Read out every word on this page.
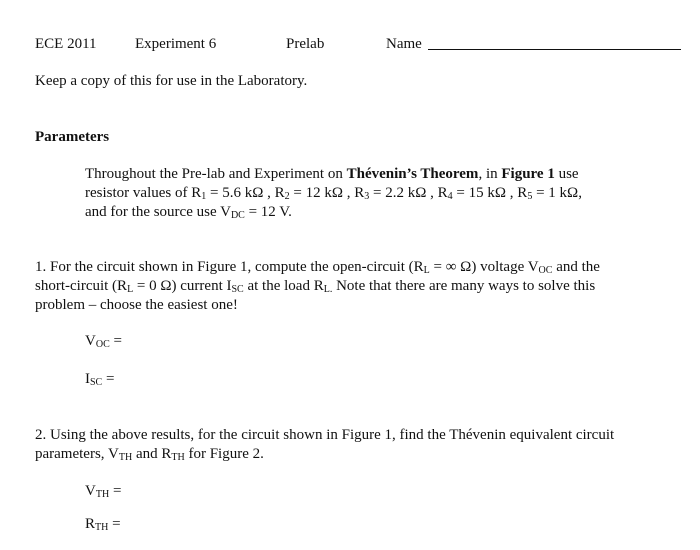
ECE 2011	Experiment 6	Prelab	Name
Keep a copy of this for use in the Laboratory.
Parameters
Throughout the Pre-lab and Experiment on Thévenin’s Theorem, in Figure 1 use
resistor values of $R_1 = 5.6$ kΩ , $R_2 = 12$ kΩ , $R_3 = 2.2$ kΩ , $R_4 = 15$ kΩ , $R_5 = 1$ kΩ,
and for the source use $V_{DC} = 12$ V.
1. For the circuit shown in Figure 1, compute the open-circuit ($R_L$ = ∞ Ω) voltage $V_{OC}$ and the
short-circuit ($R_L = 0$ Ω) current $I_{SC}$ at the load $R_{L.}$ Note that there are many ways to solve this
problem – choose the easiest one!
$V_{OC}$ =
$I_{SC}$ =
2. Using the above results, for the circuit shown in Figure 1, find the Thévenin equivalent circuit
parameters, $V_{TH}$ and $R_{TH}$ for Figure 2.
$V_{TH}$ =
$R_{TH}$ =
